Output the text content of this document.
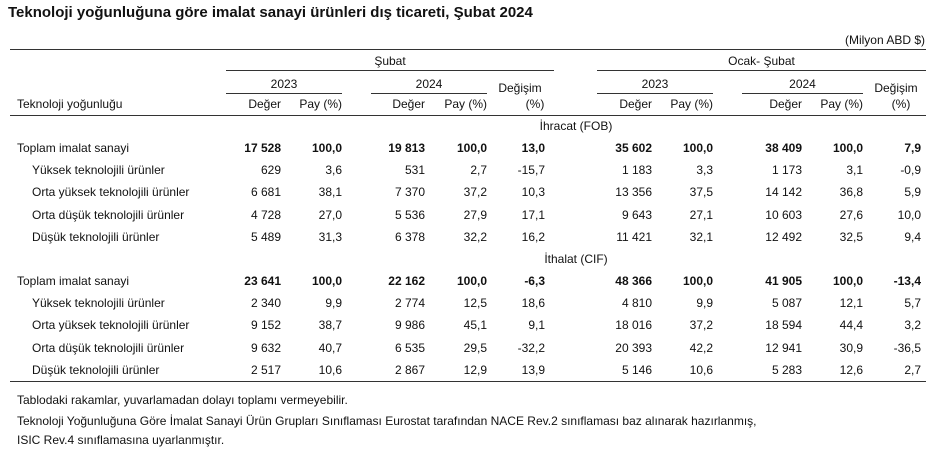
Teknoloji yoğunluğuna göre imalat sanayi ürünleri dış ticareti, Şubat 2024
(Milyon ABD $)
Şubat	Ocak- Şubat
2023	2024	2023	2024
Değişim
(%)
Değişim
(%)
Teknoloji yoğunluğu	Değer	Pay (%)	Değer	Pay (%)	Değer	Pay (%)	Değer	Pay (%)
İhracat (FOB)
Toplam imalat sanayi	17 528	100,0	19 813	100,0	13,0	35 602	100,0	38 409	100,0	7,9
Yüksek teknolojili ürünler	629	3,6	531	2,7	-15,7	1 183	3,3	1 173	3,1	-0,9
Orta yüksek teknolojili ürünler	6 681	38,1	7 370	37,2	10,3	13 356	37,5	14 142	36,8	5,9
Orta düşük teknolojili ürünler	4 728	27,0	5 536	27,9	17,1	9 643	27,1	10 603	27,6	10,0
Düşük teknolojili ürünler	5 489	31,3	6 378	32,2	16,2	11 421	32,1	12 492	32,5	9,4
İthalat (CIF)
Toplam imalat sanayi	23 641	100,0	22 162	100,0	-6,3	48 366	100,0	41 905	100,0	-13,4
Yüksek teknolojili ürünler	2 340	9,9	2 774	12,5	18,6	4 810	9,9	5 087	12,1	5,7
Orta yüksek teknolojili ürünler	9 152	38,7	9 986	45,1	9,1	18 016	37,2	18 594	44,4	3,2
Orta düşük teknolojili ürünler	9 632	40,7	6 535	29,5	-32,2	20 393	42,2	12 941	30,9	-36,5
Düşük teknolojili ürünler	2 517	10,6	2 867	12,9	13,9	5 146	10,6	5 283	12,6	2,7
Tablodaki rakamlar, yuvarlamadan dolayı toplamı vermeyebilir.
Teknoloji Yoğunluğuna Göre İmalat Sanayi Ürün Grupları Sınıflaması Eurostat tarafından NACE Rev.2 sınıflaması baz alınarak hazırlanmış,
ISIC Rev.4 sınıflamasına uyarlanmıştır.
